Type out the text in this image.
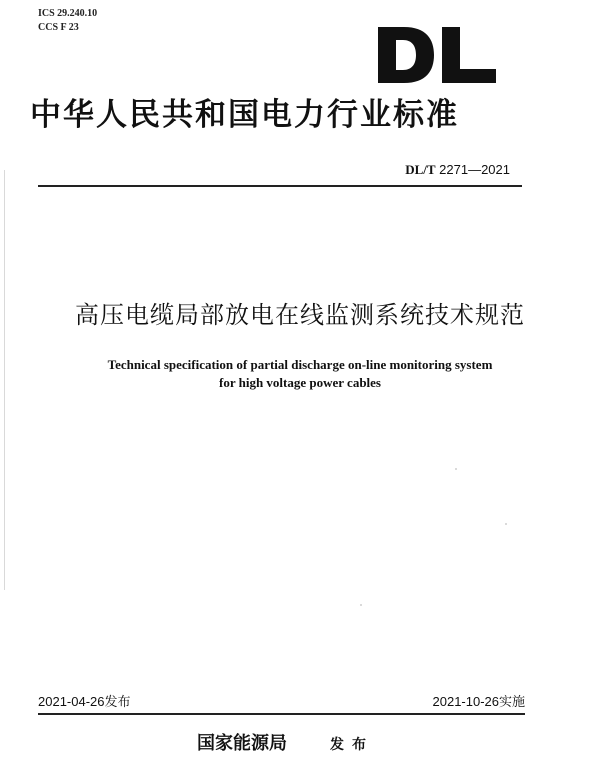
ICS 29.240.10
CCS F 23
中华人民共和国电力行业标准
DL/T 2271—2021
高压电缆局部放电在线监测系统技术规范
Technical specification of partial discharge on-line monitoring system
for high voltage power cables
2021-04-26发布	2021-10-26实施
国家能源局	发布
